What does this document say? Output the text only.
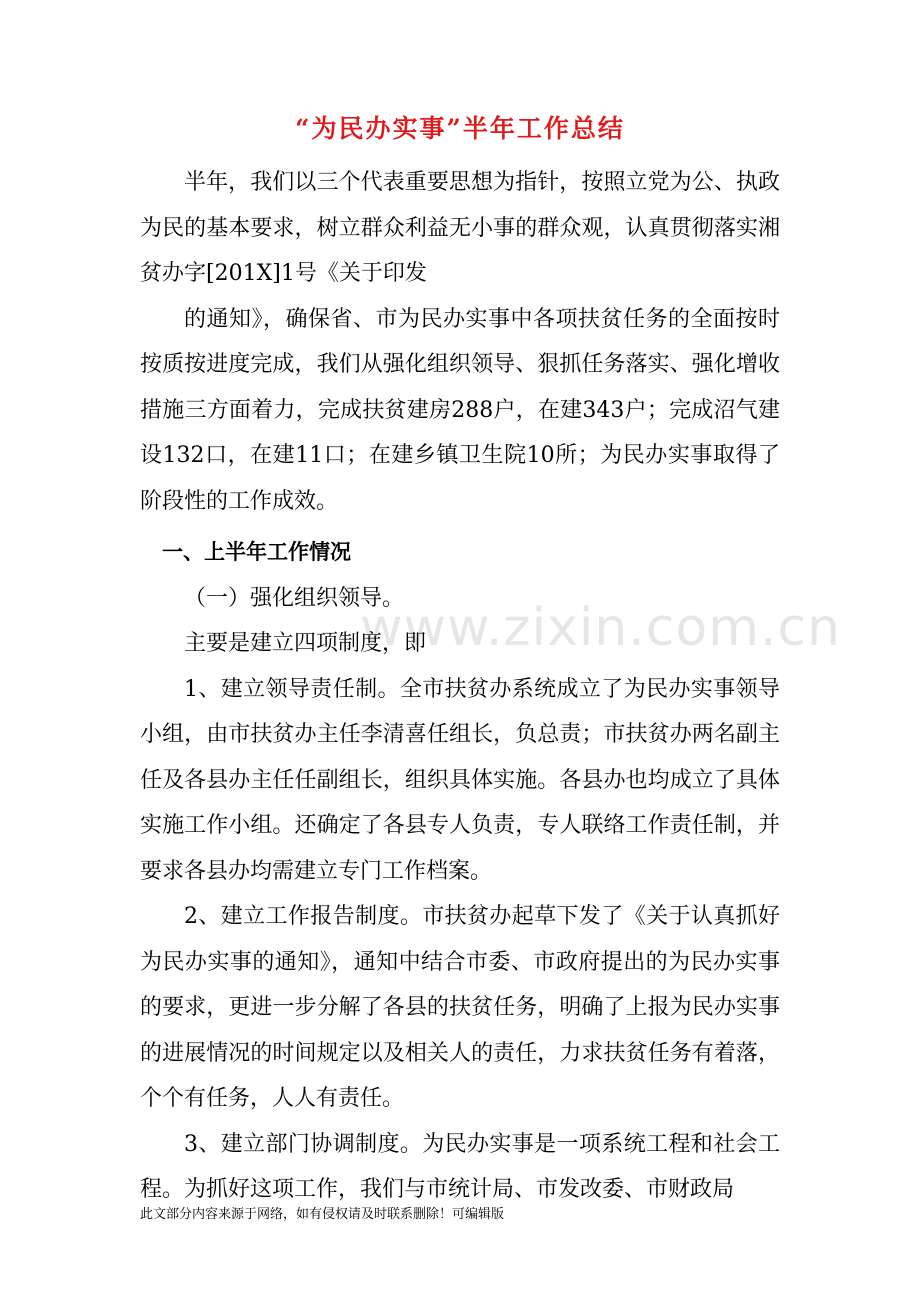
“为民办实事”半年工作总结
www.zixin.com.cn

半年，我们以三个代表重要思想为指针，按照立党为公、执政为民的基本要求，树立群众利益无小事的群众观，认真贯彻落实湘贫办字[201X]1号《关于印发

的通知》，确保省、市为民办实事中各项扶贫任务的全面按时按质按进度完成，我们从强化组织领导、狠抓任务落实、强化增收措施三方面着力，完成扶贫建房288户，在建343户；完成沼气建设132口，在建11口；在建乡镇卫生院10所；为民办实事取得了阶段性的工作成效。

一、上半年工作情况

（一）强化组织领导。

主要是建立四项制度，即

1、建立领导责任制。全市扶贫办系统成立了为民办实事领导小组，由市扶贫办主任李清喜任组长，负总责；市扶贫办两名副主任及各县办主任任副组长，组织具体实施。各县办也均成立了具体实施工作小组。还确定了各县专人负责，专人联络工作责任制，并要求各县办均需建立专门工作档案。

2、建立工作报告制度。市扶贫办起草下发了《关于认真抓好为民办实事的通知》，通知中结合市委、市政府提出的为民办实事的要求，更进一步分解了各县的扶贫任务，明确了上报为民办实事的进展情况的时间规定以及相关人的责任，力求扶贫任务有着落，个个有任务，人人有责任。

3、建立部门协调制度。为民办实事是一项系统工程和社会工程。为抓好这项工作，我们与市统计局、市发改委、市财政局

此文部分内容来源于网络，如有侵权请及时联系删除！可编辑版
